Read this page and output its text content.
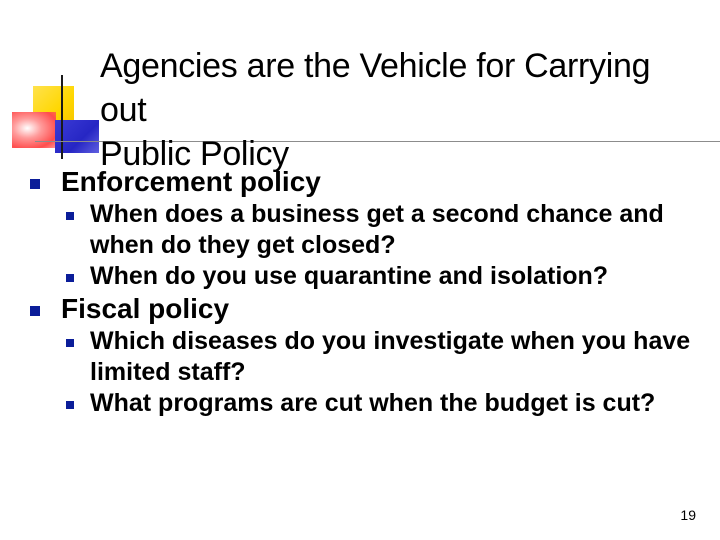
Agencies are the Vehicle for Carrying out
Public Policy
Enforcement policy
When does a business get a second chance and when do they get closed?
When do you use quarantine and isolation?
Fiscal policy
Which diseases do you investigate when you have limited staff?
What programs are cut when the budget is cut?
19
